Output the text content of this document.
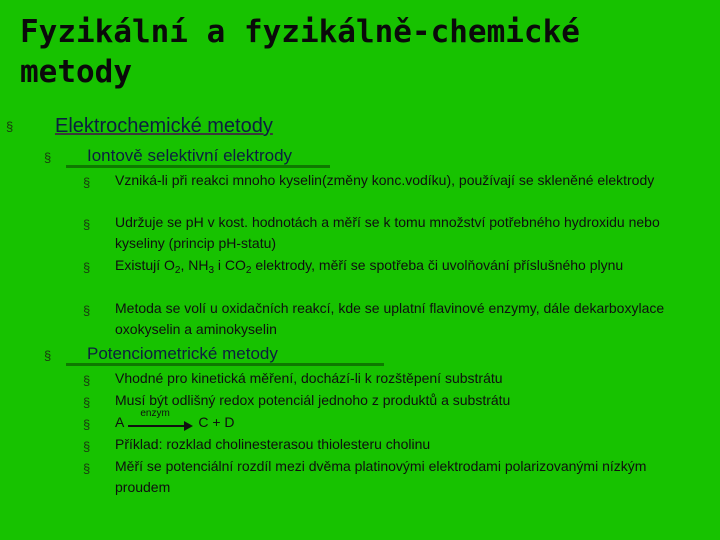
Fyzikální a fyzikálně-chemické metody
§ Elektrochemické metody
§ Iontově selektivní elektrody
§ Vzniká-li při reakci mnoho kyselin(změny konc.vodíku), používají se skleněné elektrody
§ Udržuje se pH v kost. hodnotách a měří se k tomu množství potřebného hydroxidu nebo kyseliny (princip pH-statu)
§ Existují $O_2$, $NH_3$ i $CO_2$ elektrody, měří se spotřeba či uvolňování příslušného plynu
§ Metoda se volí u oxidačních reakcí, kde se uplatní flavinové enzymy, dále dekarboxylace oxokyselin a aminokyselin
§ Potenciometrické metody
§ Vhodné pro kinetická měření, dochází-li k rozštěpení substrátu
§ Musí být odlišný redox potenciál jednoho z produktů a substrátu
§ A
enzym
C + D
§ Příklad: rozklad cholinesterasou thiolesteru cholinu
§ Měří se potenciální rozdíl mezi dvěma platinovými elektrodami polarizovanými nízkým proudem
